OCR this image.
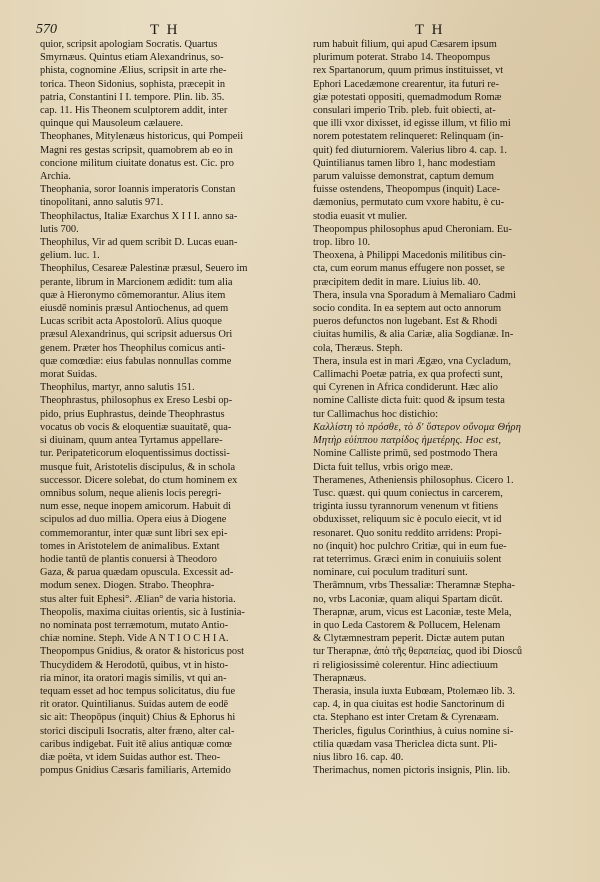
570	T H	T H
quior, scripsit apologiam Socratis. Quartus
Smyrnæus. Quintus etiam Alexandrinus, so-
phista, cognomine Ælius, scripsit in arte rhe-
torica. Theon Sidonius, sophista, præcepit in
patria, Constantini I I. tempore. Plin. lib. 35.
cap. 11. His Theonem sculptorem addit, inter
quinque qui Mausoleum cælauere.
Theophanes, Mitylenæus historicus, qui Pompeii
Magni res gestas scripsit, quamobrem ab eo in
concione militum ciuitate donatus est. Cic. pro
Archia.
Theophania, soror Ioannis imperatoris Constan
tinopolitani, anno salutis 971.
Theophilactus, Italiæ Exarchus X I I I. anno sa-
lutis 700.
Theophilus, Vir ad quem scribit D. Lucas euan-
gelium. luc. 1.
Theophilus, Cesareæ Palestinæ præsul, Seuero im
perante, librum in Marcionem ædidit: tum alia
quæ à Hieronymo cõmemorantur. Alius item
eiusdē nominis præsul Antiochenus, ad quem
Lucas scribit acta Apostolorū. Alius quoque
præsul Alexandrinus, qui scripsit aduersus Ori
genem. Præter hos Theophilus comicus anti-
quæ comœdiæ: eius fabulas nonnullas comme
morat Suidas.
Theophilus, martyr, anno salutis 151.
Theophrastus, philosophus ex Ereso Lesbi op-
pido, prius Euphrastus, deinde Theophrastus
vocatus ob vocis & eloquentiæ suauitatē, qua-
si diuinam, quum antea Tyrtamus appellare-
tur. Peripateticorum eloquentissimus doctissi-
musque fuit, Aristotelis discipulus, & in schola
successor. Dicere solebat, do ctum hominem ex
omnibus solum, neque alienis locis peregri-
num esse, neque inopem amicorum. Habuit di
scipulos ad duo millia. Opera eius à Diogene
commemorantur, inter quæ sunt libri sex epi-
tomes in Aristotelem de animalibus. Extant
hodie tantū de plantis conuersi à Theodoro
Gaza, & parua quædam opuscula. Excessit ad-
modum senex. Diogen. Strabo. Theophra-
stus alter fuit Ephesi°. Ælian° de varia historia.
Theopolis, maxima ciuitas orientis, sic à Iustinia-
no nominata post terræmotum, mutato Antio-
chiæ nomine. Steph. Vide A N T I O C H I A.
Theopompus Gnidius, & orator & historicus post
Thucydidem & Herodotū, quibus, vt in histo-
ria minor, ita oratori magis similis, vt qui an-
tequam esset ad hoc tempus solicitatus, diu fue
rit orator. Quintilianus. Suidas autem de eodē
sic ait: Theopōpus (inquit) Chius & Ephorus hi
storici discipuli Isocratis, alter fræno, alter cal-
caribus indigebat. Fuit itē alius antiquæ comœ
diæ poëta, vt idem Suidas author est. Theo-
pompus Gnidius Cæsaris familiaris, Artemido
rum habuit filium, qui apud Cæsarem ipsum
plurimum poterat. Strabo 14. Theopompus
rex Spartanorum, quum primus instituisset, vt
Ephori Lacedæmone crearentur, ita futuri re-
giæ potestati oppositi, quemadmodum Romæ
consulari imperio Trib. pleb. fuit obiecti, at-
que illi vxor dixisset, id egisse illum, vt filio mi
norem potestatem relinqueret: Relinquam (in-
quit) fed diuturniorem. Valerius libro 4. cap. 1.
Quintilianus tamen libro 1, hanc modestiam
parum valuisse demonstrat, captum demum
fuisse ostendens, Theopompus (inquit) Lace-
dæmonius, permutato cum vxore habitu, è cu-
stodia euasit vt mulier.
Theopompus philosophus apud Cheroniam. Eu-
trop. libro 10.
Theoxena, à Philippi Macedonis militibus cin-
cta, cum eorum manus effugere non posset, se
præcipitem dedit in mare. Liuius lib. 40.
Thera, insula vna Sporadum à Memaliaro Cadmi
socio condita. In ea septem aut octo annorum
pueros defunctos non lugebant. Est & Rhodi
ciuitas humilis, & alia Cariæ, alia Sogdianæ. In-
cola, Theræus. Steph.
Thera, insula est in mari Ægæo, vna Cycladum,
Callimachi Poetæ patria, ex qua profecti sunt,
qui Cyrenen in Africa condiderunt. Hæc alio
nomine Calliste dicta fuit: quod & ipsum testa
tur Callimachus hoc distichio:
Καλλίστη τὸ πρόσθε, τὸ δ' ὕστερον οὔνομα Θήρη
Μητὴρ εὐίππου πατρίδος ἡμετέρης. Hoc est,
Nomine Calliste primū, sed postmodo Thera
Dicta fuit tellus, vrbis origo meæ.
Theramenes, Atheniensis philosophus. Cicero 1.
Tusc. quæst. qui quum coniectus in carcerem,
triginta iussu tyrannorum venenum vt fitiens
obduxisset, reliquum sic è poculo eiecit, vt id
resonaret. Quo sonitu reddito arridens: Propi-
no (inquit) hoc pulchro Critiæ, qui in eum fue-
rat teterrimus. Græci enim in conuiuiis solent
nominare, cui poculum traditurí sunt.
Therāmnum, vrbs Thessaliæ: Theramnæ Stepha-
no, vrbs Laconiæ, quam aliqui Spartam dicūt.
Therapnæ, arum, vicus est Laconiæ, teste Mela,
in quo Leda Castorem & Pollucem, Helenam
& Clytæmnestram peperit. Dictæ autem putan
tur Therapnæ, ἀπὸ τῆς θεραπείας, quod ibi Diosců
ri religiosissimè colerentur. Hinc adiectiuum
Therapnæus.
Therasia, insula iuxta Eubœam, Ptolemæo lib. 3.
cap. 4, in qua ciuitas est hodie Sanctorinum di
cta. Stephano est inter Cretam & Cyrenæam.
Thericles, figulus Corinthius, à cuius nomine si-
ctilia quædam vasa Thericlea dicta sunt. Pli-
nius libro 16. cap. 40.
Therimachus, nomen pictoris insignis, Plin. lib.
